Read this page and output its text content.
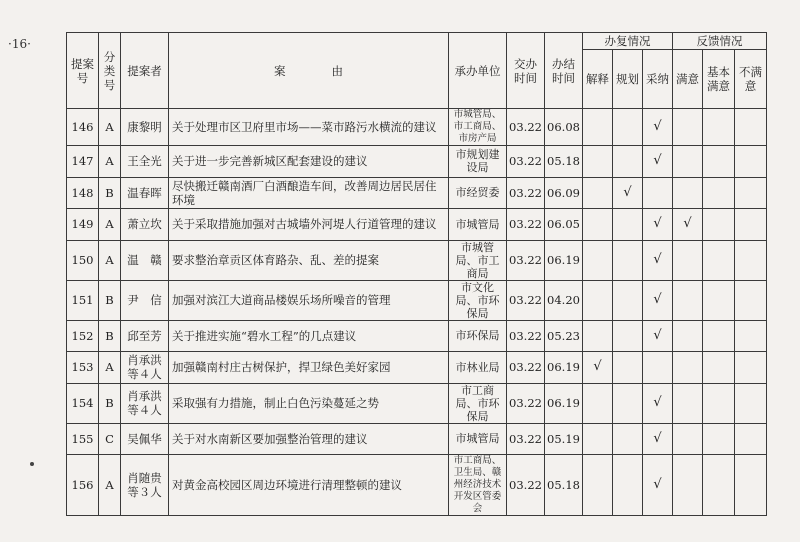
·16·
提案号	分类号	提案者	案　　　　由	承办单位	交办时间	办结时间	办复情况			反馈情况		
							解释	规划	采纳	满意	基本满意	不满意
146	A	康黎明	关于处理市区卫府里市场——菜市路污水横流的建议	市城管局、市工商局、市房产局	03.22	06.08			√			
147	A	王全光	关于进一步完善新城区配套建设的建议	市规划建设局	03.22	05.18			√			
148	B	温春晖	尽快搬迁赣南酒厂白酒酿造车间，改善周边居民居住环境	市经贸委	03.22	06.09		√				
149	A	萧立坎	关于采取措施加强对古城墙外河堤人行道管理的建议	市城管局	03.22	06.05			√	√		
150	A	温　赣	要求整治章贡区体育路杂、乱、差的提案	市城管局、市工商局	03.22	06.19			√			
151	B	尹　信	加强对滨江大道商品楼娱乐场所噪音的管理	市文化局、市环保局	03.22	04.20			√			
152	B	邱至芳	关于推进实施“碧水工程”的几点建议	市环保局	03.22	05.23			√			
153	A	肖承洪等４人	加强赣南村庄古树保护，捍卫绿色美好家园	市林业局	03.22	06.19	√					
154	B	肖承洪等４人	采取强有力措施，制止白色污染蔓延之势	市工商局、市环保局	03.22	06.19			√			
155	C	吴佩华	关于对水南新区要加强整治管理的建议	市城管局	03.22	05.19			√			
156	A	肖随贵等３人	对黄金高校园区周边环境进行清理整顿的建议	市工商局、卫生局、赣州经济技术开发区管委会	03.22	05.18			√			
